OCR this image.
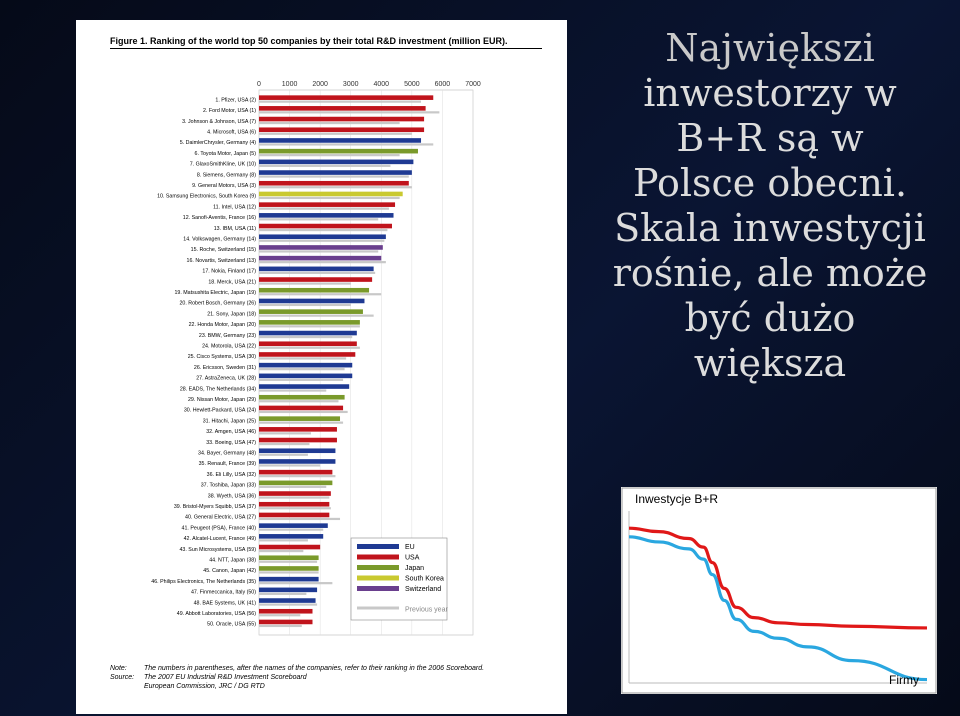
Figure 1. Ranking of the world top 50 companies by their total R&D investment (million EUR).
0	1000 2000 3000 4000 5000 6000 7000
1. Pfizer, USA (2)
2. Ford Motor, USA (1)
3. Johnson & Johnson, USA (7)
4. Microsoft, USA (6)
5. DaimlerChrysler, Germany (4)
6. Toyota Motor, Japan (5)
7. GlaxoSmithKline, UK (10)
8. Siemens, Germany (8)
9. General Motors, USA (3)
10. Samsung Electronics, South Korea (9)
11. Intel, USA (12)
12. Sanofi-Aventis, France (16)
13. IBM, USA (11)
14. Volkswagen, Germany (14)
15. Roche, Switzerland (15)
16. Novartis, Switzerland (13)
17. Nokia, Finland (17)
18. Merck, USA (21)
19. Matsushita Electric, Japan (19)
20. Robert Bosch, Germany (26)
21. Sony, Japan (18)
22. Honda Motor, Japan (20)
23. BMW, Germany (23)
24. Motorola, USA (22)
25. Cisco Systems, USA (30)
26. Ericsson, Sweden (31)
27. AstraZeneca, UK (28)
28. EADS, The Netherlands (34)
29. Nissan Motor, Japan (29)
30. Hewlett-Packard, USA (24)
31. Hitachi, Japan (25)
32. Amgen, USA (46)
33. Boeing, USA (47)
34. Bayer, Germany (48)
35. Renault, France (39)
36. Eli Lilly, USA (32)
37. Toshiba, Japan (33)
38. Wyeth, USA (36)
39. Bristol-Myers Squibb, USA (37)
40. General Electric, USA (27)
41. Peugeot (PSA), France (40)
42. Alcatel-Lucent, France (49)
43. Sun Microsystems, USA (59)
44. NTT, Japan (38)
45. Canon, Japan (42)
46. Philips Electronics, The Netherlands (35)
47. Finmeccanica, Italy (50)
48. BAE Systems, UK (41)
49. Abbott Laboratories, USA (56)
50. Oracle, USA (55)
EU
USA
Japan
South Korea
Switzerland
Previous year
Note: The numbers in parentheses, after the names of the companies, refer to their ranking in the 2006 Scoreboard.
Source: The 2007 EU Industrial R&D Investment Scoreboard
European Commission, JRC / DG RTD
Największi
inwestorzy w
B+R są w
Polsce obecni.
Skala inwestycji
rośnie, ale może
być dużo
większa
Inwestycje B+R
Firmy
